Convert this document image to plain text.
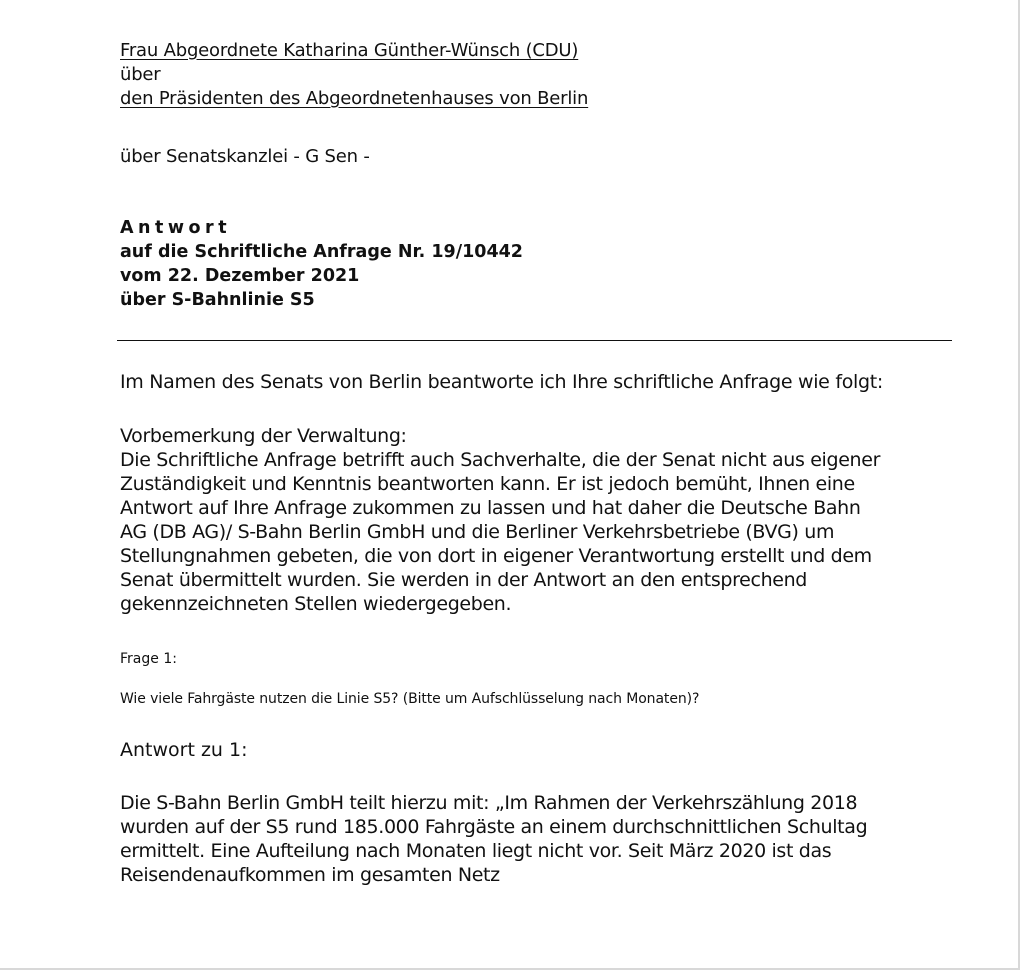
Frau Abgeordnete Katharina Günther-Wünsch (CDU)
über
den Präsidenten des Abgeordnetenhauses von Berlin
über Senatskanzlei - G Sen -
Antwort
auf die Schriftliche Anfrage Nr. 19/10442
vom 22. Dezember 2021
über S-Bahnlinie S5
Im Namen des Senats von Berlin beantworte ich Ihre schriftliche Anfrage wie folgt:
Vorbemerkung der Verwaltung:
Die Schriftliche Anfrage betrifft auch Sachverhalte, die der Senat nicht aus eigener
Zuständigkeit und Kenntnis beantworten kann. Er ist jedoch bemüht, Ihnen eine
Antwort auf Ihre Anfrage zukommen zu lassen und hat daher die Deutsche Bahn
AG (DB AG)/ S-Bahn Berlin GmbH und die Berliner Verkehrsbetriebe (BVG) um
Stellungnahmen gebeten, die von dort in eigener Verantwortung erstellt und dem
Senat übermittelt wurden. Sie werden in der Antwort an den entsprechend
gekennzeichneten Stellen wiedergegeben.
Frage 1:
Wie viele Fahrgäste nutzen die Linie S5? (Bitte um Aufschlüsselung nach Monaten)?
Antwort zu 1:
Die S-Bahn Berlin GmbH teilt hierzu mit: „Im Rahmen der Verkehrszählung 2018
wurden auf der S5 rund 185.000 Fahrgäste an einem durchschnittlichen Schultag
ermittelt. Eine Aufteilung nach Monaten liegt nicht vor. Seit März 2020 ist das
Reisendenaufkommen im gesamten Netz
